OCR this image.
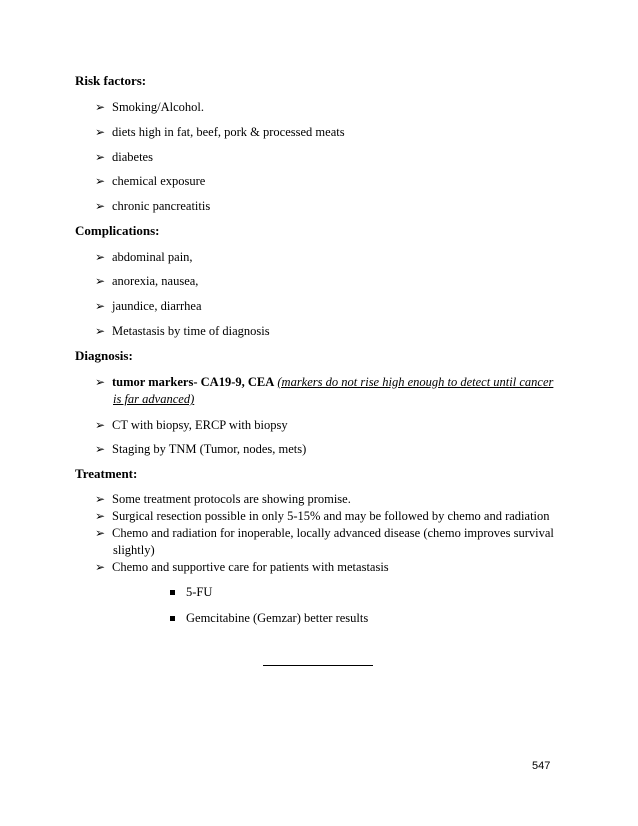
Risk factors:
➢ Smoking/Alcohol.
➢ diets high in fat, beef, pork & processed meats
➢ diabetes
➢ chemical exposure
➢ chronic pancreatitis
Complications:
➢ abdominal pain,
➢ anorexia, nausea,
➢ jaundice, diarrhea
➢ Metastasis by time of diagnosis
Diagnosis:
➢ tumor markers- CA19-9, CEA (markers do not rise high enough to detect until cancer
is far advanced)
➢ CT with biopsy, ERCP with biopsy
➢ Staging by TNM (Tumor, nodes, mets)
Treatment:
➢ Some treatment protocols are showing promise.
➢ Surgical resection possible in only 5-15% and may be followed by chemo and radiation
➢ Chemo and radiation for inoperable, locally advanced disease (chemo improves survival
slightly)
➢ Chemo and supportive care for patients with metastasis
5-FU
Gemcitabine (Gemzar) better results
547
